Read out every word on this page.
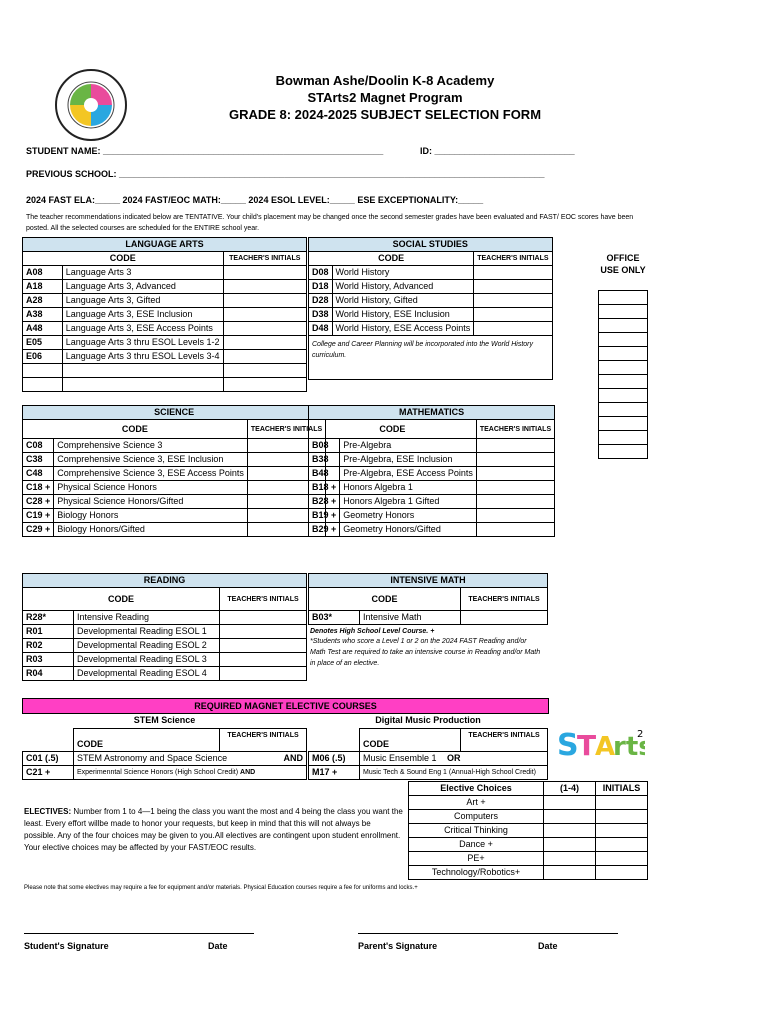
Bowman Ashe/Doolin K-8 Academy
STArts2 Magnet Program
GRADE 8: 2024-2025 SUBJECT SELECTION FORM
STUDENT NAME: ________________________________________________________	ID: ____________________________
PREVIOUS SCHOOL: _____________________________________________________________________________________
2024 FAST ELA:_____ 2024 FAST/EOC MATH:_____ 2024 ESOL LEVEL:_____ ESE EXCEPTIONALITY:_____
The teacher recommendations indicated below are TENTATIVE. Your child's placement may be changed once the second semester grades have been evaluated and FAST/ EOC scores have been posted. All the selected courses are scheduled for the ENTIRE school year.
OFFICE USE ONLY
LANGUAGE ARTS		
CODE		TEACHER'S INITIALS
A08	Language Arts 3	
A18	Language Arts 3, Advanced	
A28	Language Arts 3, Gifted	
A38	Language Arts 3, ESE Inclusion	
A48	Language Arts 3, ESE Access Points	
E05	Language Arts 3 thru ESOL Levels 1-2	
E06	Language Arts 3 thru ESOL Levels 3-4	

SOCIAL STUDIES		
CODE		TEACHER'S INITIALS
D08	World History	
D18	World History, Advanced	
D28	World History, Gifted	
D38	World History, ESE Inclusion	
D48	World History, ESE Access Points	
College and Career Planning will be incorporated into the World History curriculum.		
SCIENCE		
CODE		TEACHER'S INITIALS
C08	Comprehensive Science 3	
C38	Comprehensive Science 3, ESE Inclusion	
C48	Comprehensive Science 3, ESE Access Points	
C18 +	Physical Science Honors	
C28 +	Physical Science Honors/Gifted	
C19 +	Biology Honors	
C29 +	Biology Honors/Gifted	
MATHEMATICS		
CODE		TEACHER'S INITIALS
B08	Pre-Algebra	
B38	Pre-Algebra, ESE Inclusion	
B48	Pre-Algebra, ESE Access Points	
B18 +	Honors Algebra 1	
B28 +	Honors Algebra 1 Gifted	
B19 +	Geometry Honors	
B29 +	Geometry Honors/Gifted	
READING		
CODE		TEACHER'S INITIALS
R28*	Intensive Reading	
R01	Developmental Reading ESOL 1	
R02	Developmental Reading ESOL 2	
R03	Developmental Reading ESOL 3	
R04	Developmental Reading ESOL 4	
INTENSIVE MATH		
CODE		TEACHER'S INITIALS
B03*	Intensive Math	
Denotes High School Level Course. +
*Students who score a Level 1 or 2 on the 2024 FAST Reading and/or Math Test are required to take an intensive course in Reading and/or Math in place of an elective.
REQUIRED MAGNET ELECTIVE COURSES
STEM Science	Digital Music Production
	CODE	TEACHER'S INITIALS
C01 (.5)	STEM Astronomy and Space Science AND	

C21 +	Experimenntal Science Honors (High School Credit) AND	
	CODE	TEACHER'S INITIALS
M06 (.5)	Music Ensemble 1 OR	
M17 +	Music Tech & Sound Eng 1 (Annual-High School Credit)	
S
T
A
rt
2
Elective Choices	(1-4)	INITIALS
Art +		
Computers		
Critical Thinking		
Dance +		
PE+		
Technology/Robotics+		
ELECTIVES: Number from 1 to 4—1 being the class you want the most and 4 being the class you want the least. Every effort willbe made to honor your requests, but keep in mind that this will not always be possible. Any of the four choices may be given to you.All electives are contingent upon student enrollment. Your elective choices may be affected by your FAST/EOC results.
Please note that some electives may require a fee for equipment and/or materials. Physical Education courses require a fee for uniforms and locks.+
Student's Signature	Date	Parent's Signature	Date
